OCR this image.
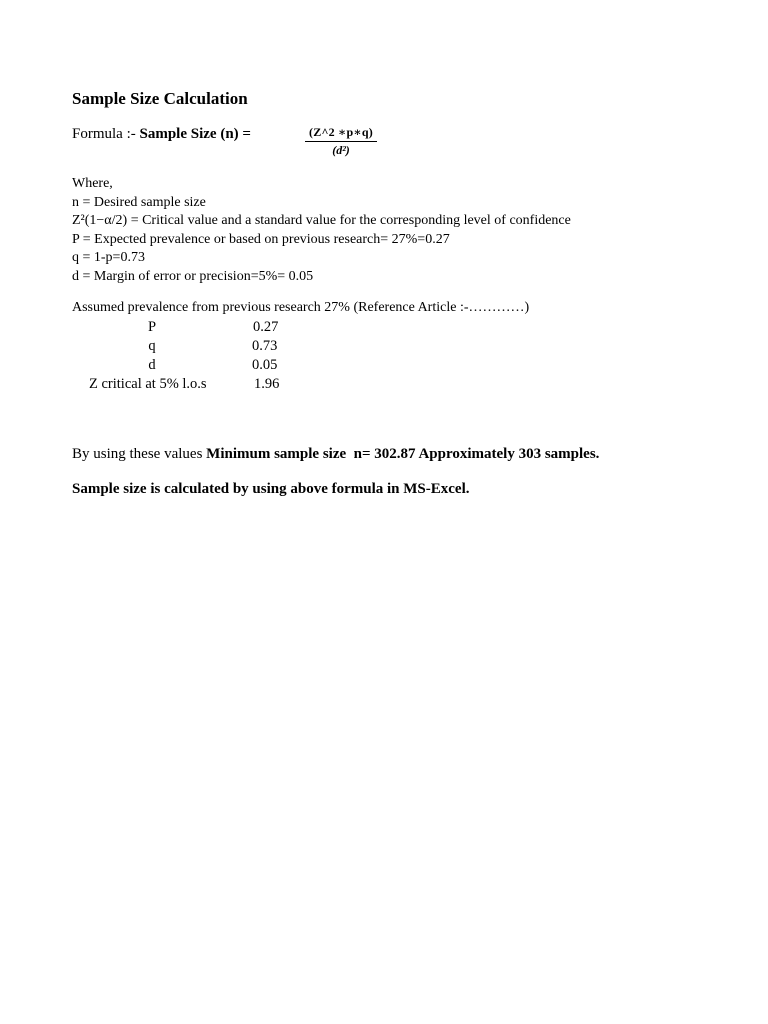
Sample Size Calculation
Formula :- Sample Size (n) =	$\frac{(Z\^{}2 ∗p∗q)}{\text{(d²)}}$
Where,
n = Desired sample size
Z²(1−α/2) = Critical value and a standard value for the corresponding level of confidence
P = Expected prevalence or based on previous research= 27%=0.27
q = 1-p=0.73
d = Margin of error or precision=5%= 0.05
Assumed prevalence from previous research 27% (Reference Article :-…………)
P	0.27
q	0.73
d	0.05
Z critical at 5% l.o.s	1.96
By using these values Minimum sample size  n= 302.87 Approximately 303 samples.
Sample size is calculated by using above formula in MS-Excel.
